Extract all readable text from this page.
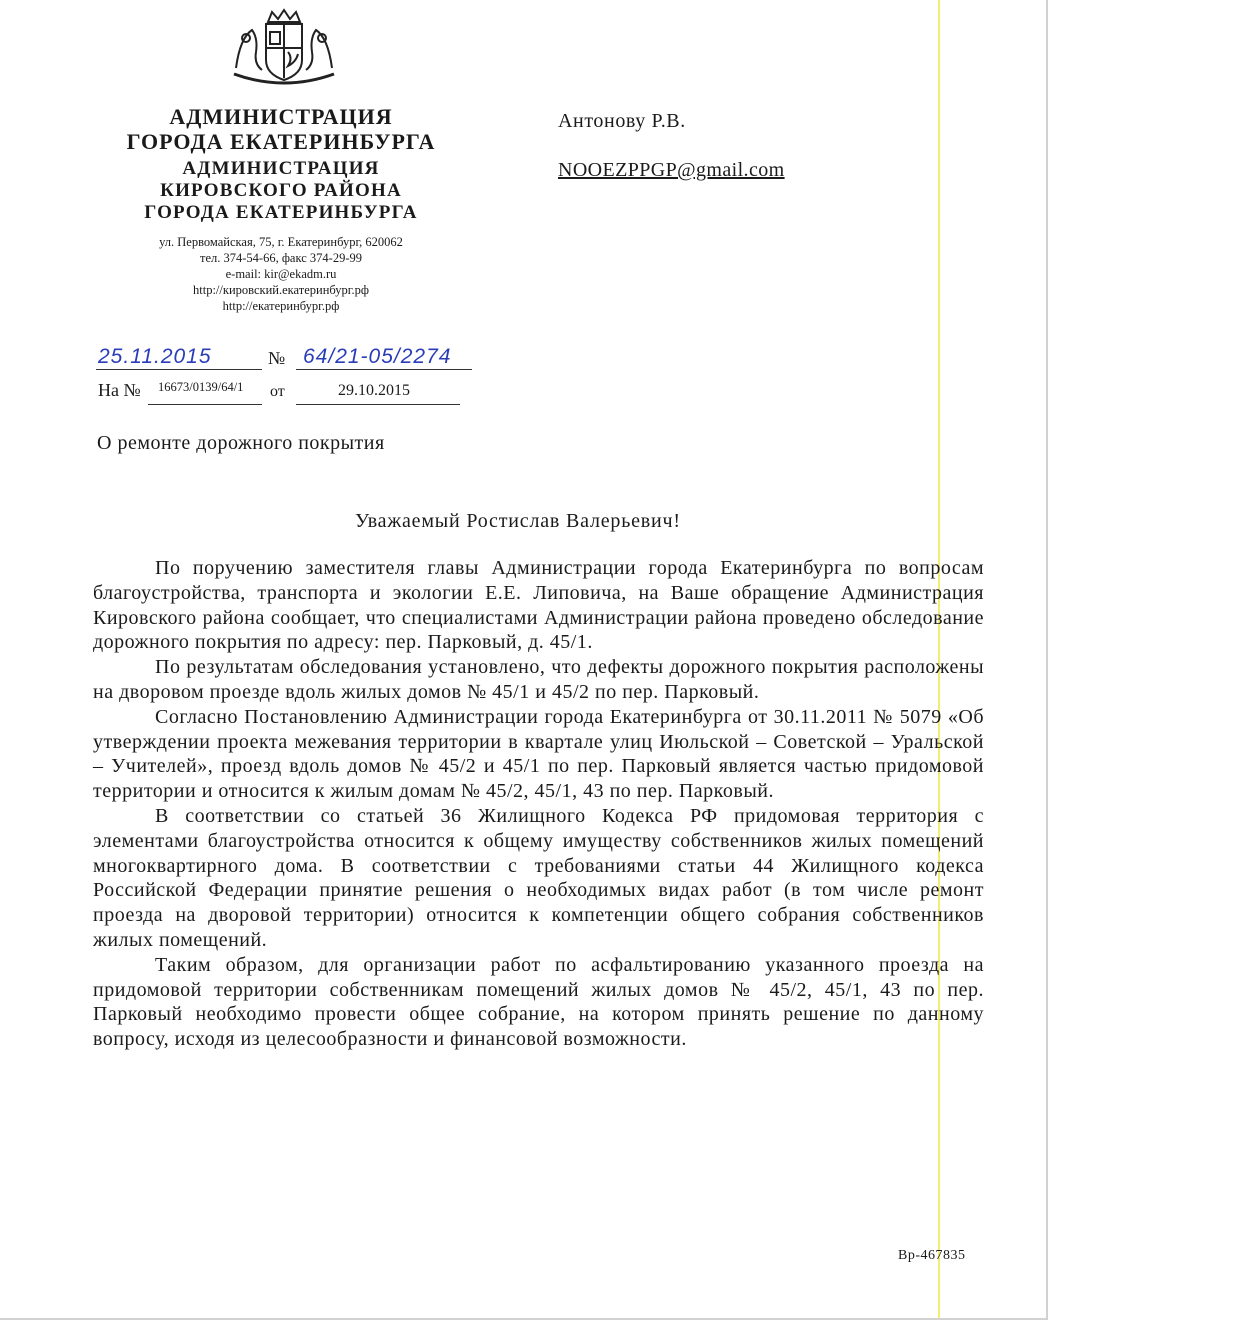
АДМИНИСТРАЦИЯ
ГОРОДА ЕКАТЕРИНБУРГА
АДМИНИСТРАЦИЯ
КИРОВСКОГО РАЙОНА
ГОРОДА ЕКАТЕРИНБУРГА
ул. Первомайская, 75, г. Екатеринбург, 620062
тел. 374-54-66, факс 374-29-99
e-mail: kir@ekadm.ru
http://кировский.екатеринбург.рф
http://екатеринбург.рф
Антонову Р.В.
NOOEZPPGP@gmail.com
25.11.2015	№ 64/21-05/2274
На № 16673/0139/64/1 от	29.10.2015
О ремонте дорожного покрытия
Уважаемый Ростислав Валерьевич!

По поручению заместителя главы Администрации города Екатеринбурга по вопросам благоустройства, транспорта и экологии Е.Е. Липовича, на Ваше обращение Администрация Кировского района сообщает, что специалистами Администрации района проведено обследование дорожного покрытия по адресу: пер. Парковый, д. 45/1.

По результатам обследования установлено, что дефекты дорожного покрытия расположены на дворовом проезде вдоль жилых домов № 45/1 и 45/2 по пер. Парковый.

Согласно Постановлению Администрации города Екатеринбурга от 30.11.2011 № 5079 «Об утверждении проекта межевания территории в квартале улиц Июльской – Советской – Уральской – Учителей», проезд вдоль домов № 45/2 и 45/1 по пер. Парковый является частью придомовой территории и относится к жилым домам № 45/2, 45/1, 43 по пер. Парковый.

В соответствии со статьей 36 Жилищного Кодекса РФ придомовая территория с элементами благоустройства относится к общему имуществу собственников жилых помещений многоквартирного дома. В соответствии с требованиями статьи 44 Жилищного кодекса Российской Федерации принятие решения о необходимых видах работ (в том числе ремонт проезда на дворовой территории) относится к компетенции общего собрания собственников жилых помещений.

Таким образом, для организации работ по асфальтированию указанного проезда на придомовой территории собственникам помещений жилых домов № 45/2, 45/1, 43 по пер. Парковый необходимо провести общее собрание, на котором принять решение по данному вопросу, исходя из целесообразности и финансовой возможности.

Вр-467835
